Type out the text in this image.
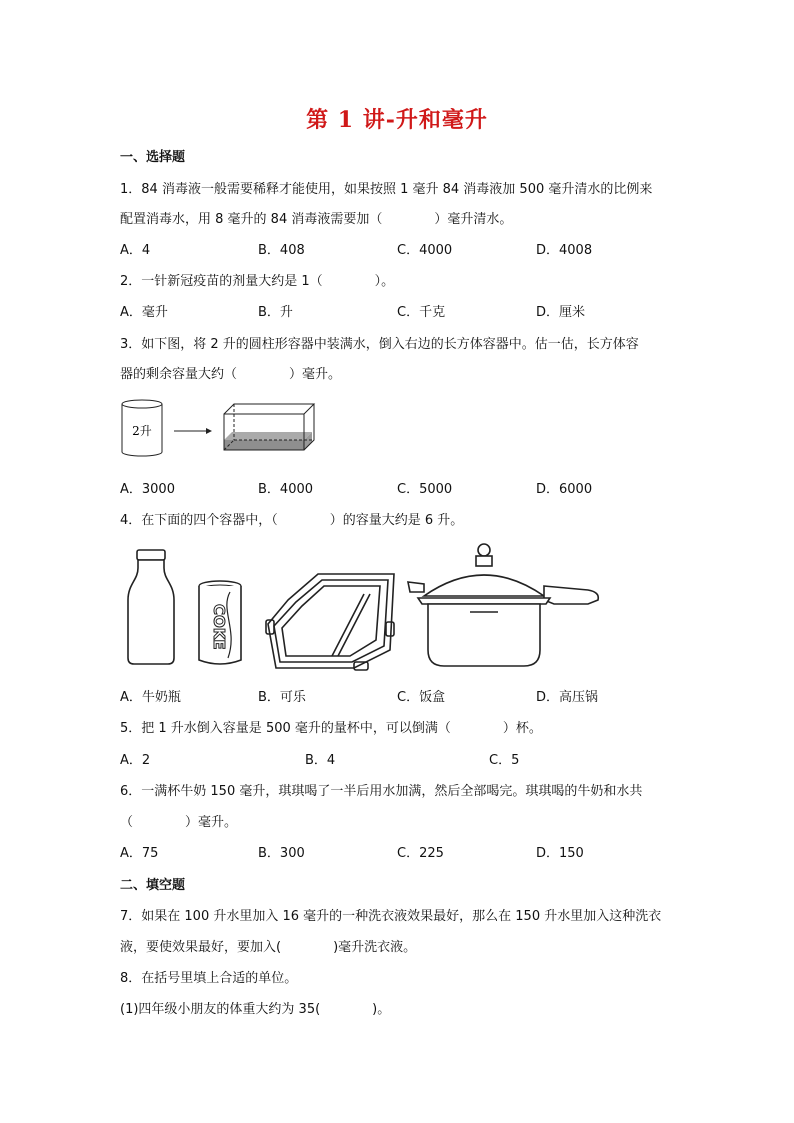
第 1 讲-升和毫升
一、选择题
1．84 消毒液一般需要稀释才能使用，如果按照 1 毫升 84 消毒液加 500 毫升清水的比例来
配置消毒水，用 8 毫升的 84 消毒液需要加（　　　　）毫升清水。
A．4	B．408	C．4000	D．4008
2．一针新冠疫苗的剂量大约是 1（　　　　）。
A．毫升	B．升	C．千克	D．厘米
3．如下图，将 2 升的圆柱形容器中装满水，倒入右边的长方体容器中。估一估，长方体容
器的剩余容量大约（　　　　）毫升。
2升
A．3000	B．4000	C．5000	D．6000
4．在下面的四个容器中，（　　　　）的容量大约是 6 升。
COKE
A．牛奶瓶	B．可乐	C．饭盒	D．高压锅
5．把 1 升水倒入容量是 500 毫升的量杯中，可以倒满（　　　　）杯。
A．2	B．4	C．5
6．一满杯牛奶 150 毫升，琪琪喝了一半后用水加满，然后全部喝完。琪琪喝的牛奶和水共
（　　　　）毫升。
A．75	B．300	C．225	D．150
二、填空题
7．如果在 100 升水里加入 16 毫升的一种洗衣液效果最好，那么在 150 升水里加入这种洗衣
液，要使效果最好，要加入(　　　　)毫升洗衣液。
8．在括号里填上合适的单位。
(1)四年级小朋友的体重大约为 35(　　　　)。
